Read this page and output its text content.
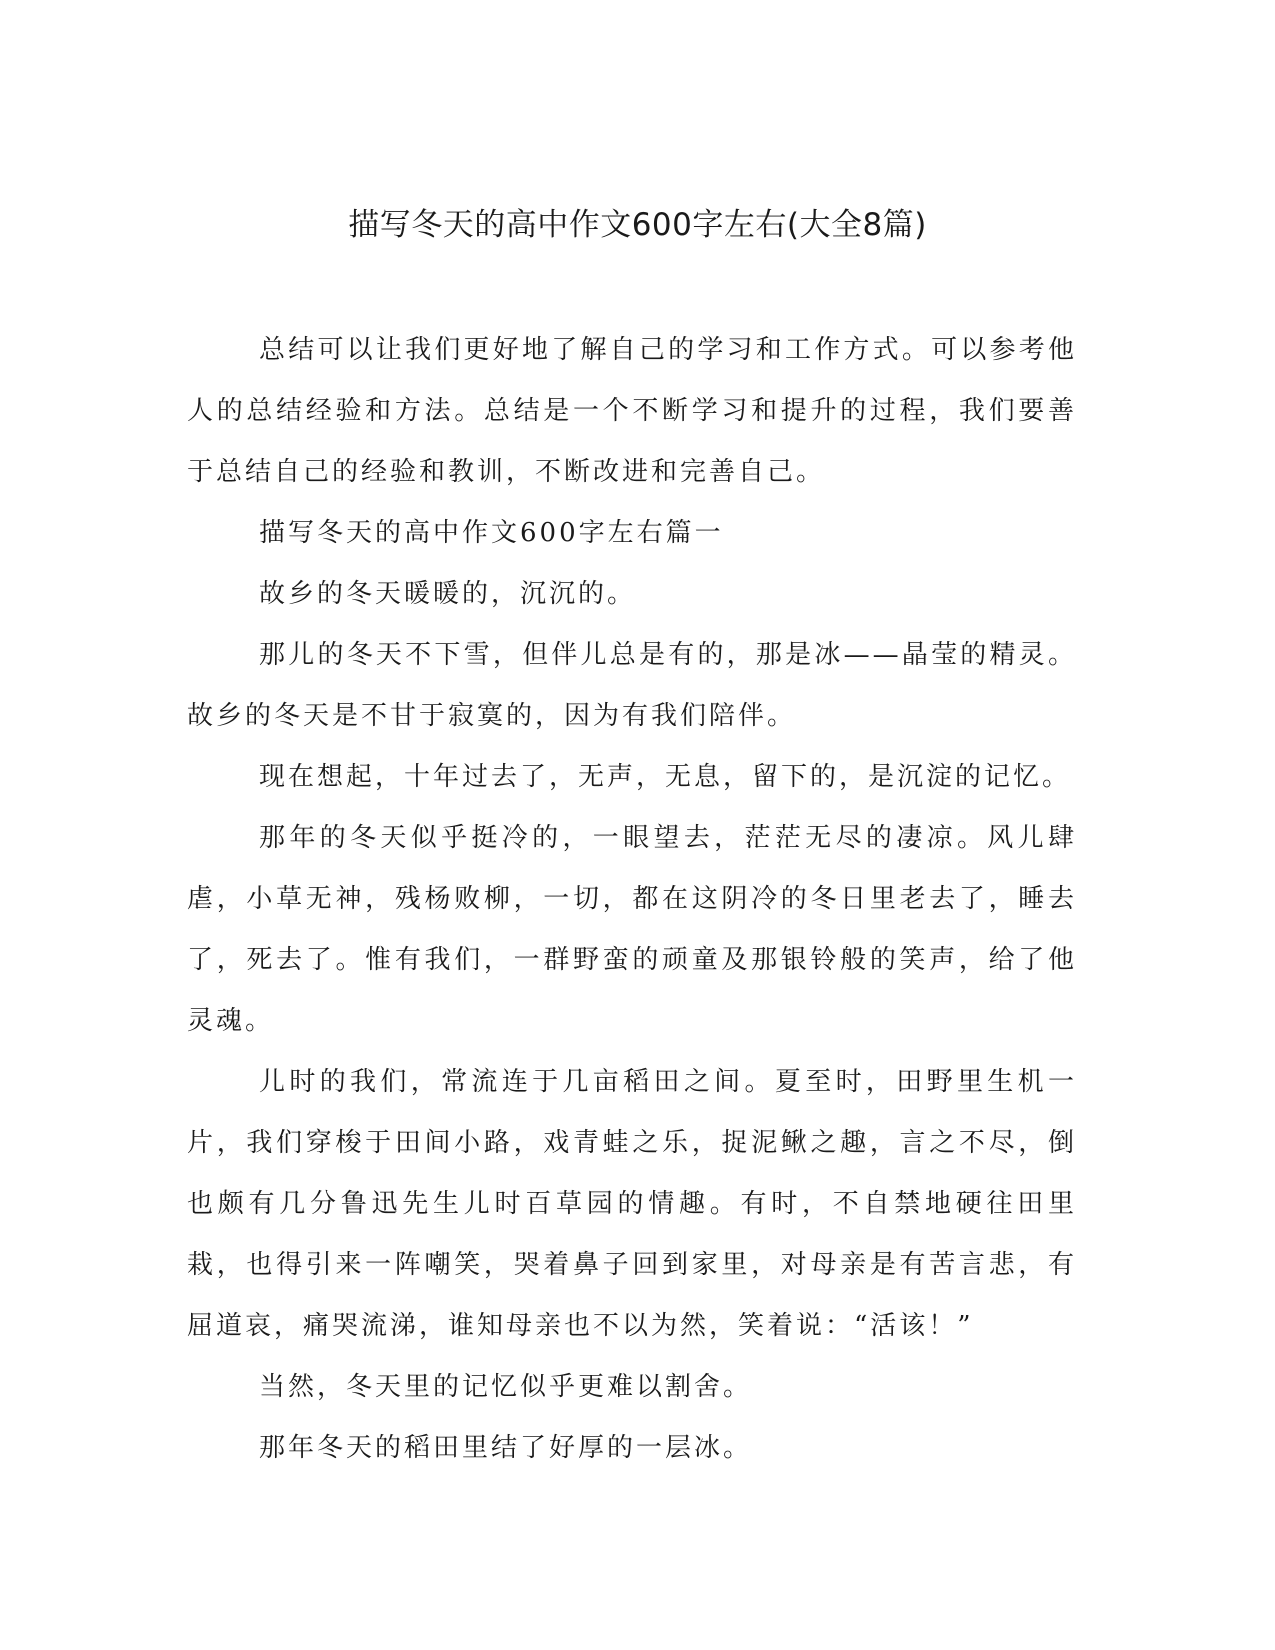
描写冬天的高中作文600字左右(大全8篇)

总结可以让我们更好地了解自己的学习和工作方式。可以参考他人的总结经验和方法。总结是一个不断学习和提升的过程，我们要善于总结自己的经验和教训，不断改进和完善自己。

描写冬天的高中作文600字左右篇一

故乡的冬天暖暖的，沉沉的。

那儿的冬天不下雪，但伴儿总是有的，那是冰——晶莹的精灵。故乡的冬天是不甘于寂寞的，因为有我们陪伴。

现在想起，十年过去了，无声，无息，留下的，是沉淀的记忆。

那年的冬天似乎挺冷的，一眼望去，茫茫无尽的凄凉。风儿肆虐，小草无神，残杨败柳，一切，都在这阴冷的冬日里老去了，睡去了，死去了。惟有我们，一群野蛮的顽童及那银铃般的笑声，给了他灵魂。

儿时的我们，常流连于几亩稻田之间。夏至时，田野里生机一片，我们穿梭于田间小路，戏青蛙之乐，捉泥鳅之趣，言之不尽，倒也颇有几分鲁迅先生儿时百草园的情趣。有时，不自禁地硬往田里栽，也得引来一阵嘲笑，哭着鼻子回到家里，对母亲是有苦言悲，有屈道哀，痛哭流涕，谁知母亲也不以为然，笑着说：“活该！”

当然，冬天里的记忆似乎更难以割舍。

那年冬天的稻田里结了好厚的一层冰。
